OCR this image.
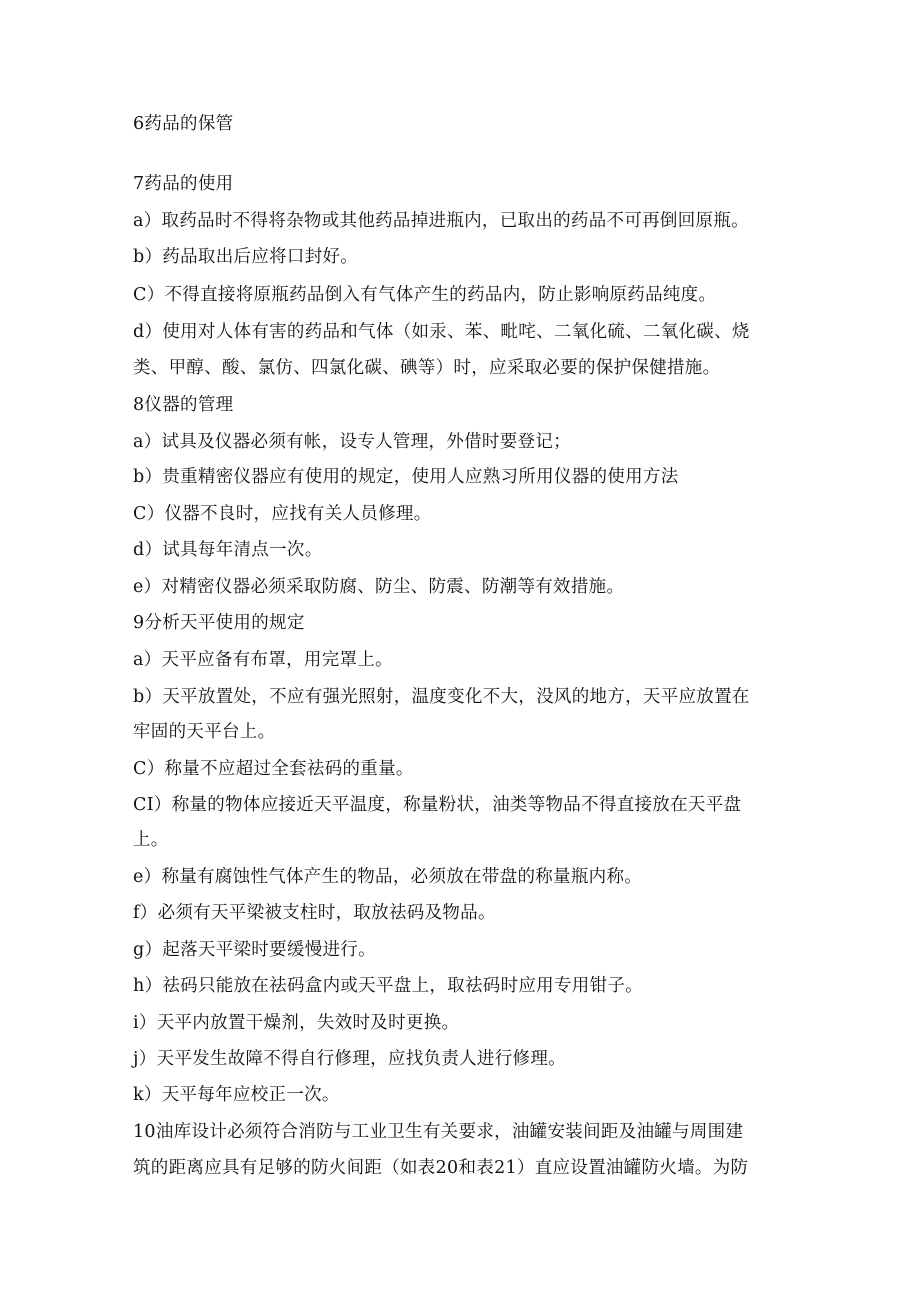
6药品的保管
7药品的使用
a）取药品时不得将杂物或其他药品掉进瓶内，已取出的药品不可再倒回原瓶。
b）药品取出后应将口封好。
C）不得直接将原瓶药品倒入有气体产生的药品内，防止影响原药品纯度。
d）使用对人体有害的药品和气体（如汞、苯、毗咤、二氧化硫、二氧化碳、烧
类、甲醇、酸、氯仿、四氯化碳、碘等）时，应采取必要的保护保健措施。
8仪器的管理
a）试具及仪器必须有帐，设专人管理，外借时要登记；
b）贵重精密仪器应有使用的规定，使用人应熟习所用仪器的使用方法
C）仪器不良时，应找有关人员修理。
d）试具每年清点一次。
e）对精密仪器必须采取防腐、防尘、防震、防潮等有效措施。
9分析天平使用的规定
a）天平应备有布罩，用完罩上。
b）天平放置处，不应有强光照射，温度变化不大，没风的地方，天平应放置在
牢固的天平台上。
C）称量不应超过全套祛码的重量。
CI）称量的物体应接近天平温度，称量粉状，油类等物品不得直接放在天平盘
上。
e）称量有腐蚀性气体产生的物品，必须放在带盘的称量瓶内称。
f）必须有天平梁被支柱时，取放祛码及物品。
g）起落天平梁时要缓慢进行。
h）祛码只能放在祛码盒内或天平盘上，取祛码时应用专用钳子。
i）天平内放置干燥剂，失效时及时更换。
j）天平发生故障不得自行修理，应找负责人进行修理。
k）天平每年应校正一次。
10油库设计必须符合消防与工业卫生有关要求，油罐安装间距及油罐与周围建
筑的距离应具有足够的防火间距（如表20和表21）直应设置油罐防火墙。为防
